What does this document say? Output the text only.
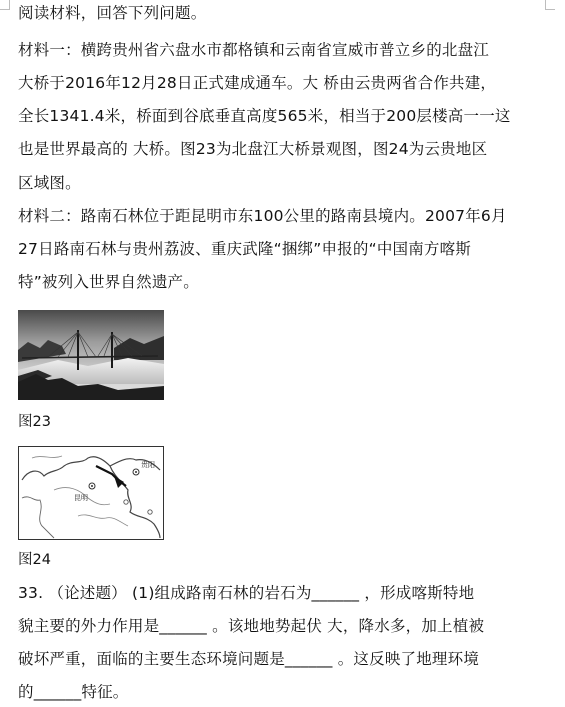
阅读材料，回答下列问题。
材料一：横跨贵州省六盘水市都格镇和云南省宣威市普立乡的北盘江
大桥于2016年12月28日正式建成通车。大 桥由云贵两省合作共建，
全长1341.4米，桥面到谷底垂直高度565米，相当于200层楼高一一这
也是世界最高的 大桥。图23为北盘江大桥景观图，图24为云贵地区
区域图。
材料二：路南石林位于距昆明市东100公里的路南县境内。2007年6月
27日路南石林与贵州荔波、重庆武隆“捆绑”申报的“中国南方喀斯
特”被列入世界自然遗产。
图23
贵阳
昆明
图24
33. （论述题） (1)组成路南石林的岩石为______ ，形成喀斯特地
貌主要的外力作用是______ 。该地地势起伏 大，降水多，加上植被
破坏严重，面临的主要生态环境问题是______ 。这反映了地理环境
的______特征。
